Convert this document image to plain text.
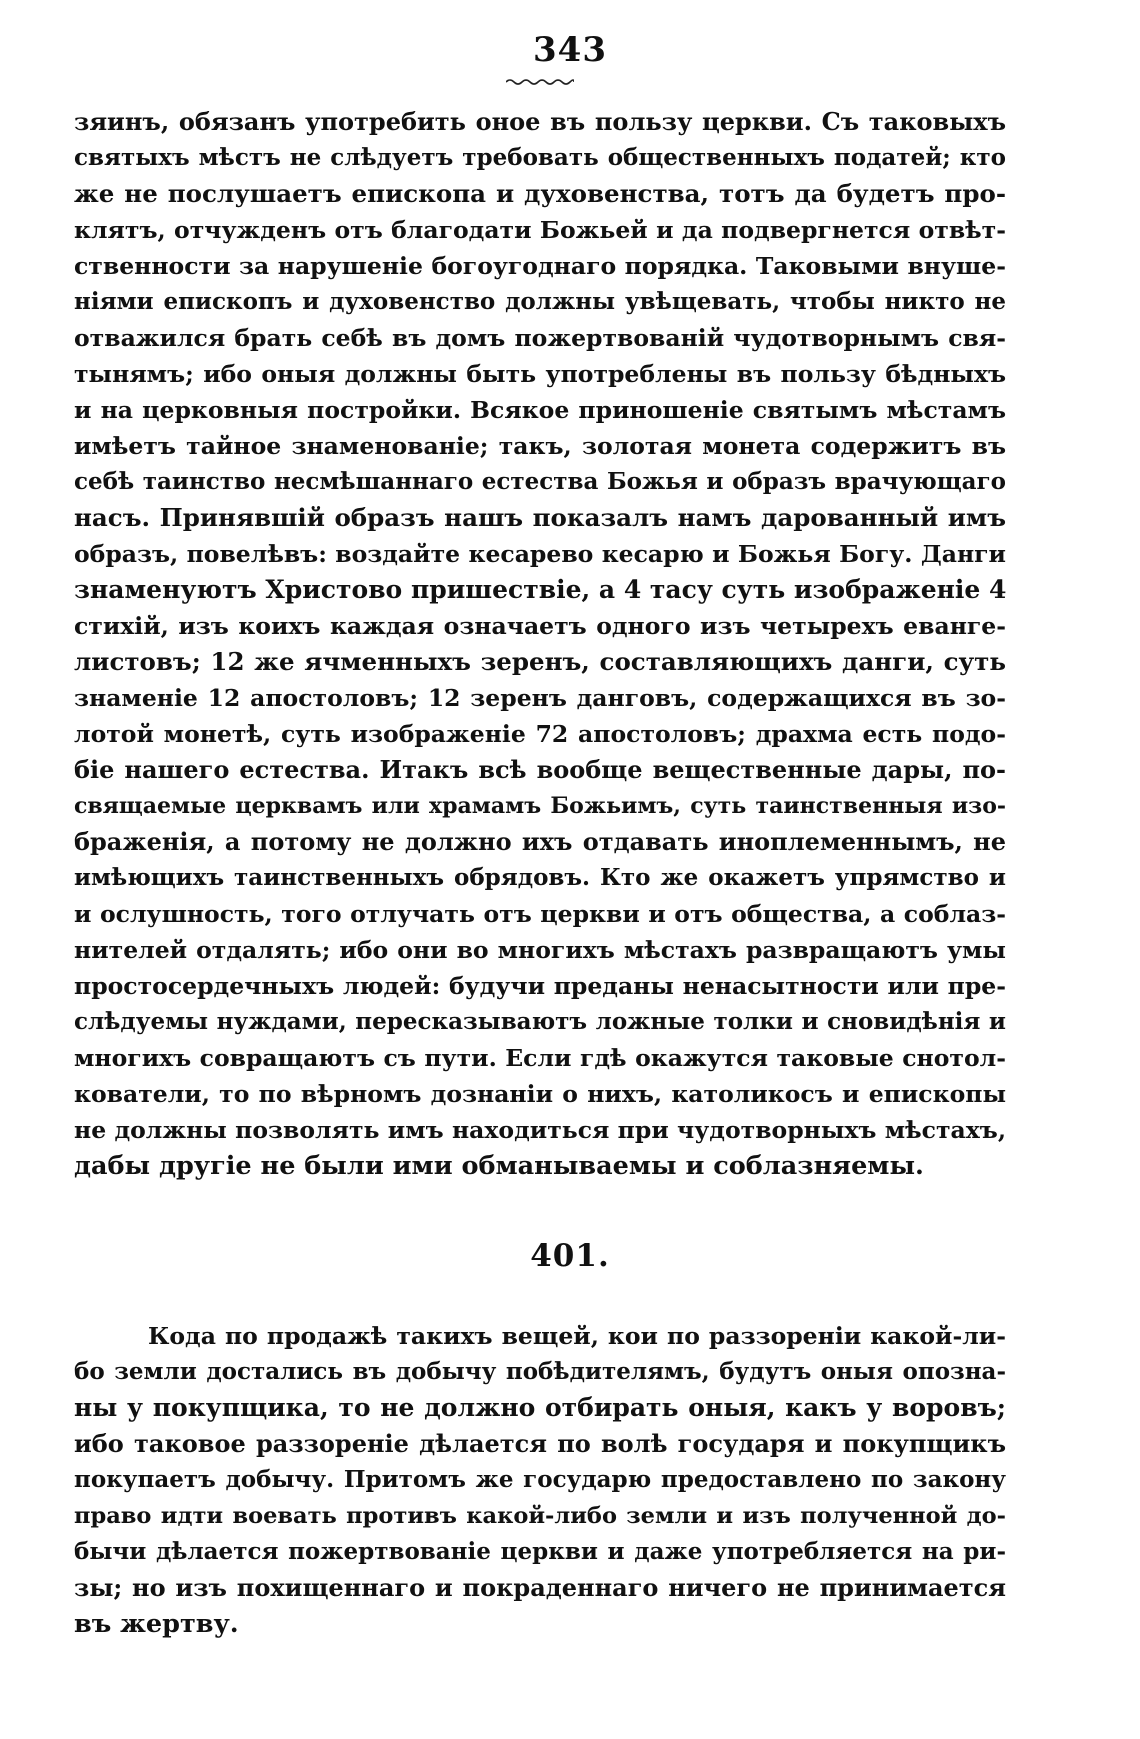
343
зяинъ, обязанъ употребить оное въ пользу церкви. Съ таковыхъ
святыхъ мѣстъ не слѣдуетъ требовать общественныхъ податей; кто
же не послушаетъ епископа и духовенства, тотъ да будетъ про-
клятъ, отчужденъ отъ благодати Божьей и да подвергнется отвѣт-
ственности за нарушеніе богоугоднаго порядка. Таковыми внуше-
ніями епископъ и духовенство должны увѣщевать, чтобы никто не
отважился брать себѣ въ домъ пожертвованій чудотворнымъ свя-
тынямъ; ибо оныя должны быть употреблены въ пользу бѣдныхъ
и на церковныя постройки. Всякое приношеніе святымъ мѣстамъ
имѣетъ тайное знаменованіе; такъ, золотая монета содержитъ въ
себѣ таинство несмѣшаннаго естества Божья и образъ врачующаго
насъ. Принявшій образъ нашъ показалъ намъ дарованный имъ
образъ, повелѣвъ: воздайте кесарево кесарю и Божья Богу. Данги
знаменуютъ Христово пришествіе, а 4 тасу суть изображеніе 4
стихій, изъ коихъ каждая означаетъ одного изъ четырехъ еванге-
листовъ; 12 же ячменныхъ зеренъ, составляющихъ данги, суть
знаменіе 12 апостоловъ; 12 зеренъ данговъ, содержащихся въ зо-
лотой монетѣ, суть изображеніе 72 апостоловъ; драхма есть подо-
біе нашего естества. Итакъ всѣ вообще вещественные дары, по-
свящаемые церквамъ или храмамъ Божьимъ, суть таинственныя изо-
браженія, а потому не должно ихъ отдавать иноплеменнымъ, не
имѣющихъ таинственныхъ обрядовъ. Кто же окажетъ упрямство и
и ослушность, того отлучать отъ церкви и отъ общества, а соблаз-
нителей отдалять; ибо они во многихъ мѣстахъ развращаютъ умы
простосердечныхъ людей: будучи преданы ненасытности или пре-
слѣдуемы нуждами, пересказываютъ ложные толки и сновидѣнія и
многихъ совращаютъ съ пути. Если гдѣ окажутся таковые снотол-
кователи, то по вѣрномъ дознаніи о нихъ, католикосъ и епископы
не должны позволять имъ находиться при чудотворныхъ мѣстахъ,
дабы другіе не были ими обманываемы и соблазняемы.
401.
Кода по продажѣ такихъ вещей, кои по раззореніи какой-ли-
бо земли достались въ добычу побѣдителямъ, будутъ оныя опозна-
ны у покупщика, то не должно отбирать оныя, какъ у воровъ;
ибо таковое раззореніе дѣлается по волѣ государя и покупщикъ
покупаетъ добычу. Притомъ же государю предоставлено по закону
право идти воевать противъ какой-либо земли и изъ полученной до-
бычи дѣлается пожертвованіе церкви и даже употребляется на ри-
зы; но изъ похищеннаго и покраденнаго ничего не принимается
въ жертву.
